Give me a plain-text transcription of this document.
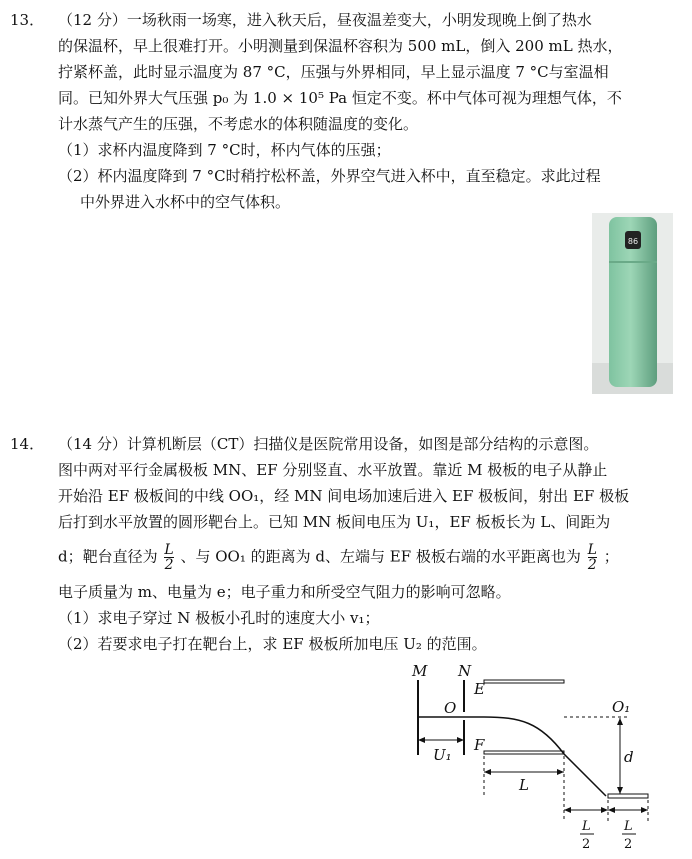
13． （12 分）一场秋雨一场寒，进入秋天后，昼夜温差变大，小明发现晚上倒了热水
的保温杯，早上很难打开。小明测量到保温杯容积为 500 mL，倒入 200 mL 热水，
拧紧杯盖，此时显示温度为 87 °C，压强与外界相同，早上显示温度 7 °C与室温相
同。已知外界大气压强 p₀ 为 1.0 × 10⁵ Pa 恒定不变。杯中气体可视为理想气体，不
计水蒸气产生的压强，不考虑水的体积随温度的变化。
（1）求杯内温度降到 7 °C时，杯内气体的压强；
（2）杯内温度降到 7 °C时稍拧松杯盖，外界空气进入杯中，直至稳定。求此过程
中外界进入水杯中的空气体积。
86
14． （14 分）计算机断层（CT）扫描仪是医院常用设备，如图是部分结构的示意图。
图中两对平行金属极板 MN、EF 分别竖直、水平放置。靠近 M 极板的电子从静止
开始沿 EF 极板间的中线 OO₁，经 MN 间电场加速后进入 EF 极板间，射出 EF 极板
后打到水平放置的圆形靶台上。已知 MN 板间电压为 U₁，EF 板板长为 L、间距为
d；靶台直径为 $\frac{L}{2}$ 、与 OO₁ 的距离为 d、左端与 EF 极板右端的水平距离也为 $\frac{L}{2}$ ；
电子质量为 m、电量为 e；电子重力和所受空气阻力的影响可忽略。
（1）求电子穿过 N 极板小孔时的速度大小 v₁；
（2）若要求电子打在靶台上，求 EF 极板所加电压 U₂ 的范围。
M N
E
F
O	O₁
d
U₁
L
L
2
L
2
